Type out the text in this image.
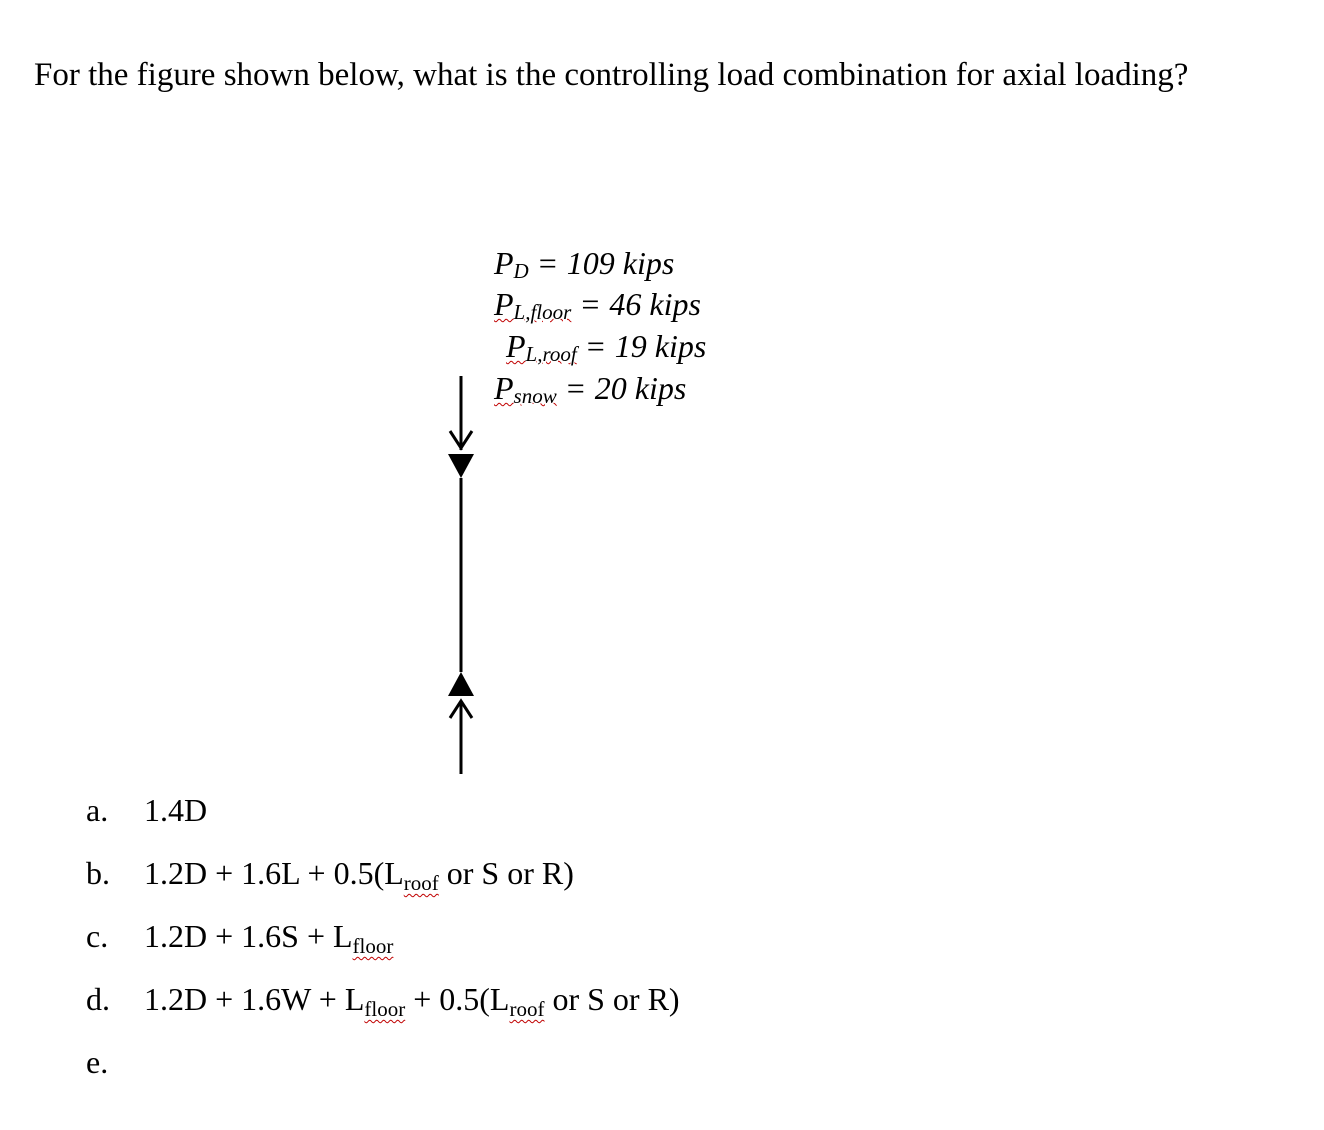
For the figure shown below, what is the controlling load combination for axial loading?
PD = 109 kips
PL,floor = 46 kips
PL,roof = 19 kips
Psnow = 20 kips
a. 1.4D
b. 1.2D + 1.6L + 0.5(Lroof or S or R)
c. 1.2D + 1.6S + Lfloor
d. 1.2D + 1.6W + Lfloor + 0.5(Lroof or S or R)
e.
